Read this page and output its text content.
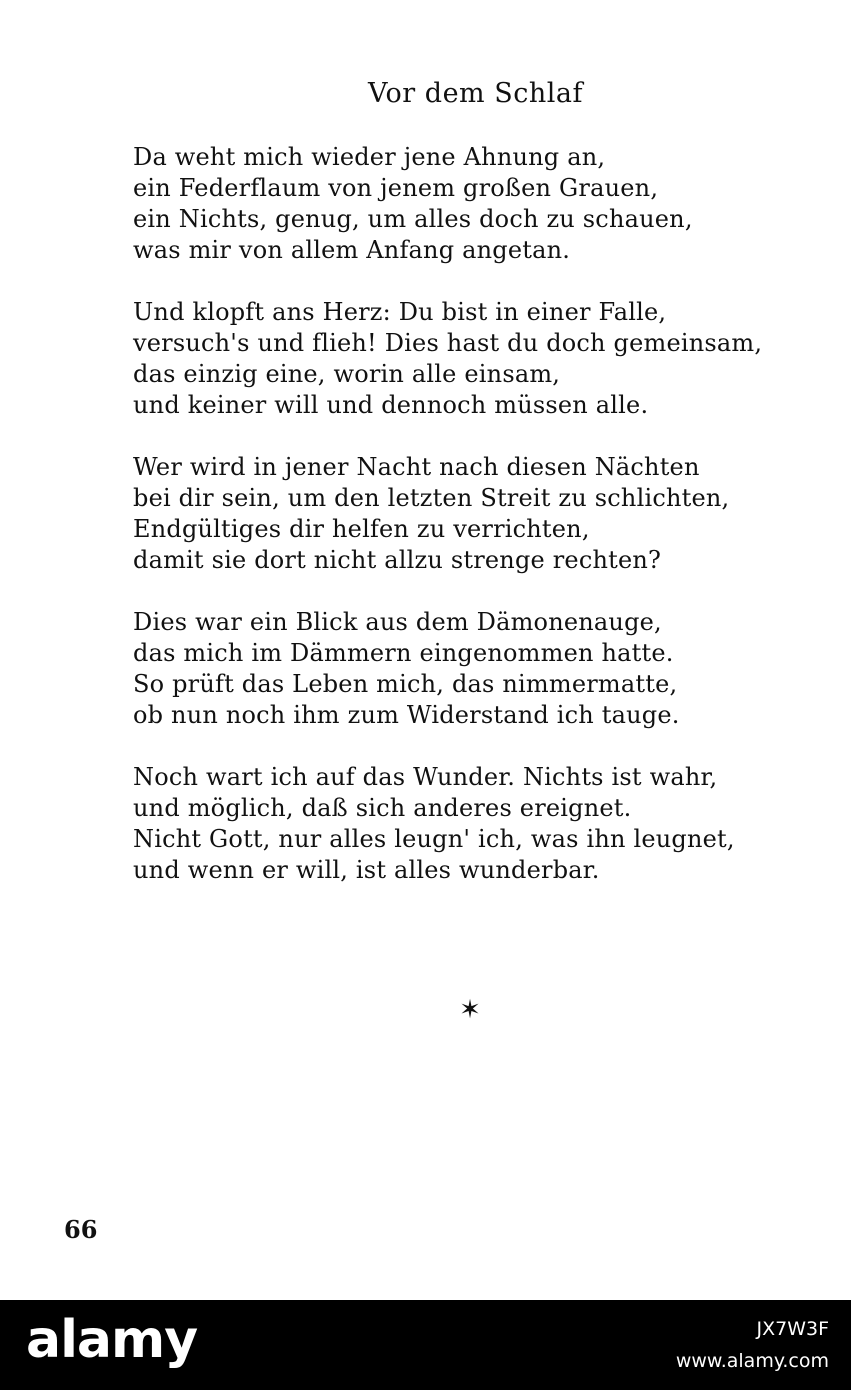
Vor dem Schlaf
Da weht mich wieder jene Ahnung an,
ein Federflaum von jenem großen Grauen,
ein Nichts, genug, um alles doch zu schauen,
was mir von allem Anfang angetan.
Und klopft ans Herz: Du bist in einer Falle,
versuch's und flieh! Dies hast du doch gemeinsam,
das einzig eine, worin alle einsam,
und keiner will und dennoch müssen alle.
Wer wird in jener Nacht nach diesen Nächten
bei dir sein, um den letzten Streit zu schlichten,
Endgültiges dir helfen zu verrichten,
damit sie dort nicht allzu strenge rechten?
Dies war ein Blick aus dem Dämonenauge,
das mich im Dämmern eingenommen hatte.
So prüft das Leben mich, das nimmermatte,
ob nun noch ihm zum Widerstand ich tauge.
Noch wart ich auf das Wunder. Nichts ist wahr,
und möglich, daß sich anderes ereignet.
Nicht Gott, nur alles leugn' ich, was ihn leugnet,
und wenn er will, ist alles wunderbar.
✶
66
alamy	JX7W3F
www.alamy.com
